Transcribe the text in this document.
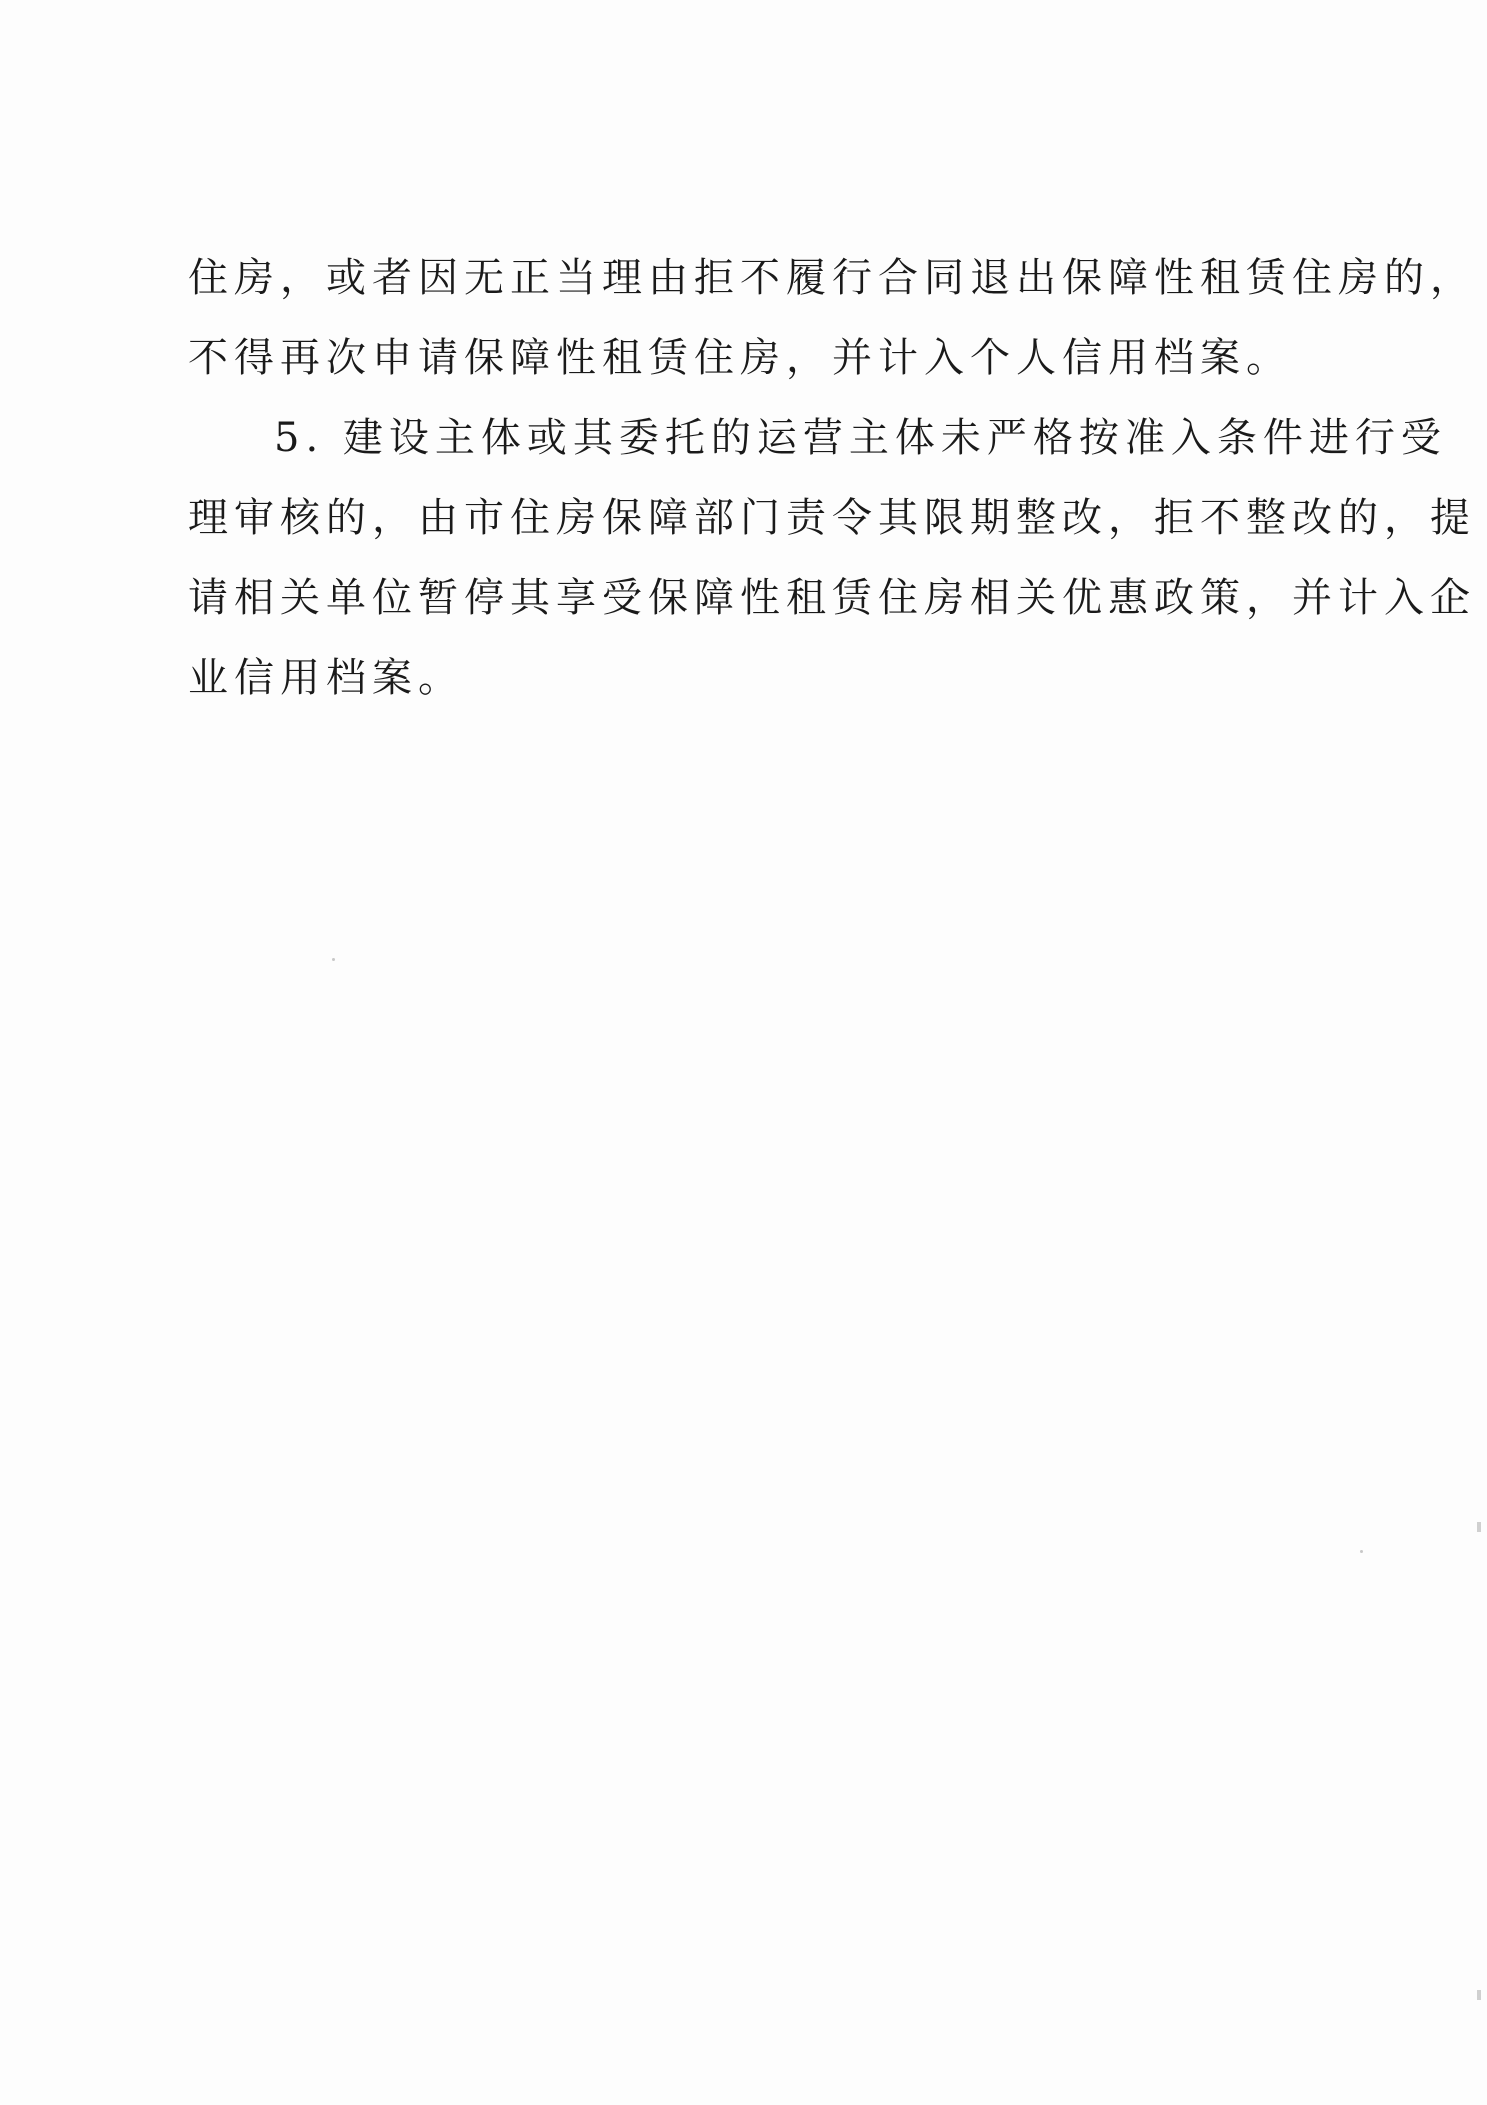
住房，或者因无正当理由拒不履行合同退出保障性租赁住房的，
不得再次申请保障性租赁住房，并计入个人信用档案。
5. 建设主体或其委托的运营主体未严格按准入条件进行受
理审核的，由市住房保障部门责令其限期整改，拒不整改的，提
请相关单位暂停其享受保障性租赁住房相关优惠政策，并计入企
业信用档案。
